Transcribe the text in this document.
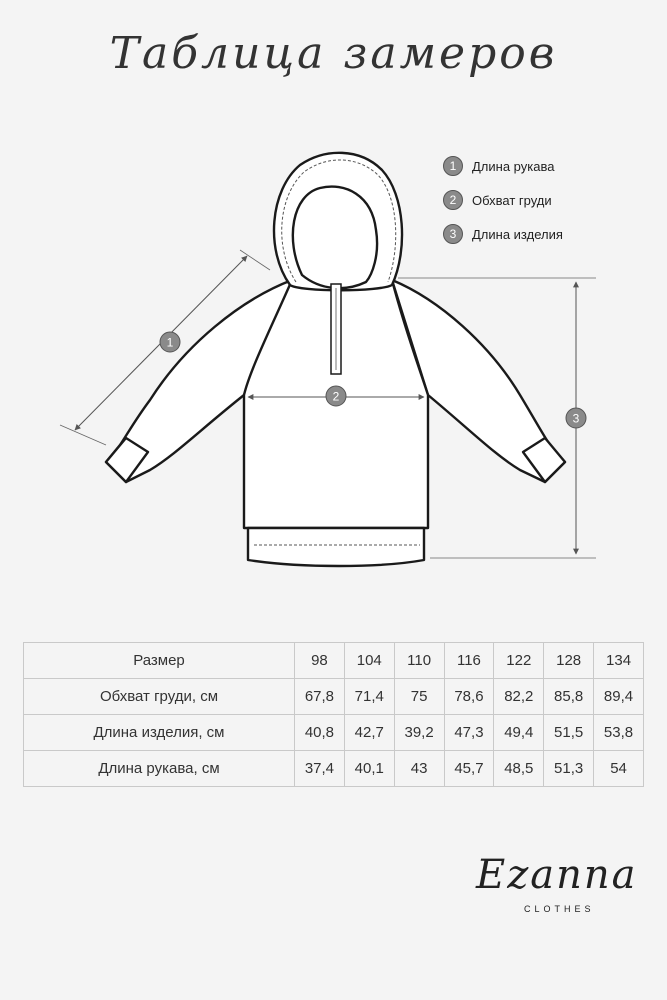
Таблица замеров
1
2
3
1	Длина рукава
2	Обхват груди
3	Длина изделия
Размер	98	104	110	116	122	128	134
Обхват груди, см	67,8	71,4	75	78,6	82,2	85,8	89,4
Длина изделия, см	40,8	42,7	39,2	47,3	49,4	51,5	53,8
Длина рукава, см	37,4	40,1	43	45,7	48,5	51,3	54
Ezanna
CLOTHES
